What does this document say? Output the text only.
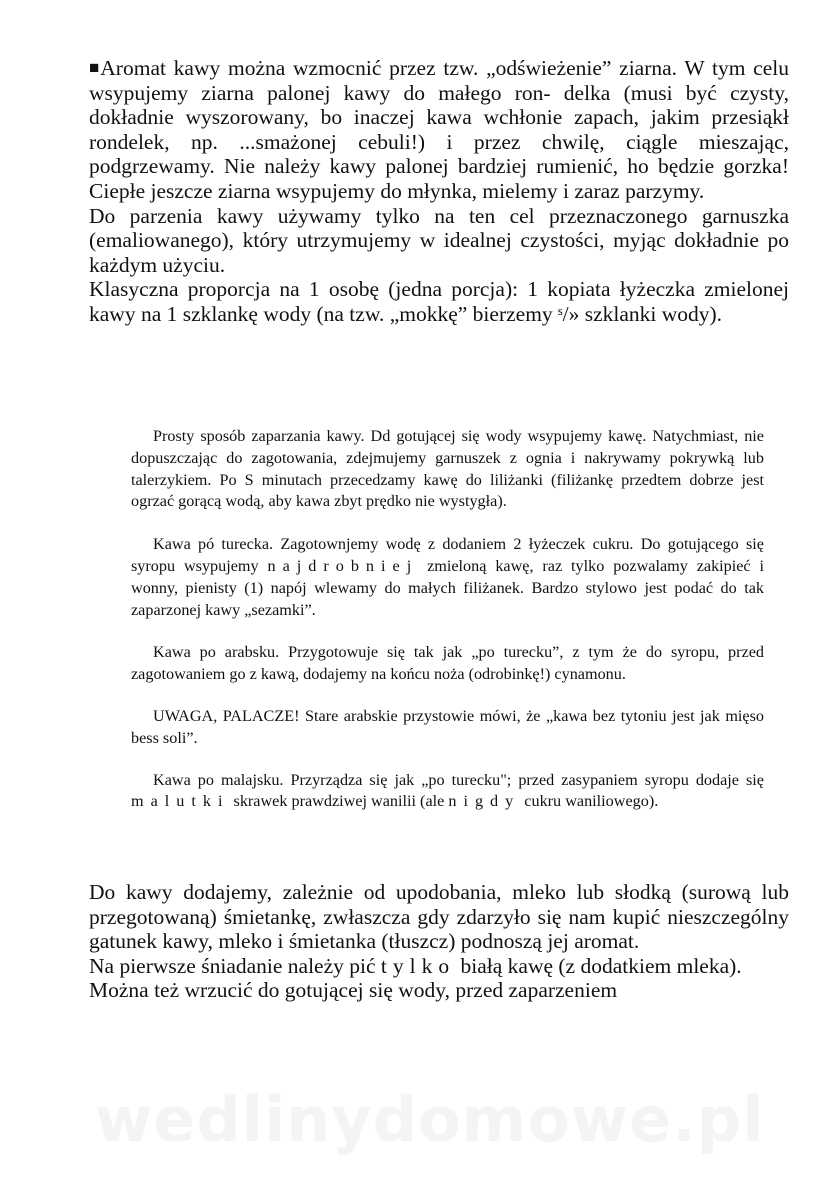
■Aromat kawy można wzmocnić przez tzw. „odświeżenie” ziarna. W tym celu wsypujemy ziarna palonej kawy do małego ron- delka (musi być czysty, dokładnie wyszorowany, bo inaczej kawa wchłonie zapach, jakim przesiąkł rondelek, np. ...smażonej cebuli!) i przez chwilę, ciągle mieszając, podgrzewamy. Nie należy kawy palonej bardziej rumienić, ho będzie gorzka! Ciepłe jeszcze ziarna wsypujemy do młynka, mielemy i zaraz parzymy.

Do parzenia kawy używamy tylko na ten cel przeznaczonego garnuszka (emaliowanego), który utrzymujemy w idealnej czystości, myjąc dokładnie po każdym użyciu.

Klasyczna proporcja na 1 osobę (jedna porcja): 1 kopiata łyżeczka zmielonej kawy na 1 szklankę wody (na tzw. „mokkę” bierzemy ˢ/» szklanki wody).

Prosty sposób zaparzania kawy. Dd gotującej się wody wsypujemy kawę. Natychmiast, nie dopuszczając do zagotowania, zdejmujemy garnuszek z ognia i nakrywamy pokrywką lub talerzykiem. Po S minutach przecedzamy kawę do liliżanki (filiżankę przedtem dobrze jest ogrzać gorącą wodą, aby kawa zbyt prędko nie wystygła).

Kawa pó turecka. Zagotownjemy wodę z dodaniem 2 łyżeczek cukru. Do gotującego się syropu wsypujemy najdrobniej zmieloną kawę, raz tylko pozwalamy zakipieć i wonny, pienisty (1) napój wlewamy do małych filiżanek. Bardzo stylowo jest podać do tak zaparzonej kawy „sezamki”.

Kawa po arabsku. Przygotowuje się tak jak „po turecku”, z tym że do syropu, przed zagotowaniem go z kawą, dodajemy na końcu noża (odrobinkę!) cynamonu.

UWAGA, PALACZE! Stare arabskie przystowie mówi, że „kawa bez tytoniu jest jak mięso bess soli”.

Kawa po malajsku. Przyrządza się jak „po turecku"; przed zasypaniem syropu dodaje się malutki skrawek prawdziwej wanilii (ale nigdy cukru waniliowego).

Do kawy dodajemy, zależnie od upodobania, mleko lub słodką (surową lub przegotowaną) śmietankę, zwłaszcza gdy zdarzyło się nam kupić nieszczególny gatunek kawy, mleko i śmietanka (tłuszcz) podnoszą jej aromat.

Na pierwsze śniadanie należy pić tylko białą kawę (z dodatkiem mleka).

Można też wrzucić do gotującej się wody, przed zaparzeniem

wedlinydomowe.pl
